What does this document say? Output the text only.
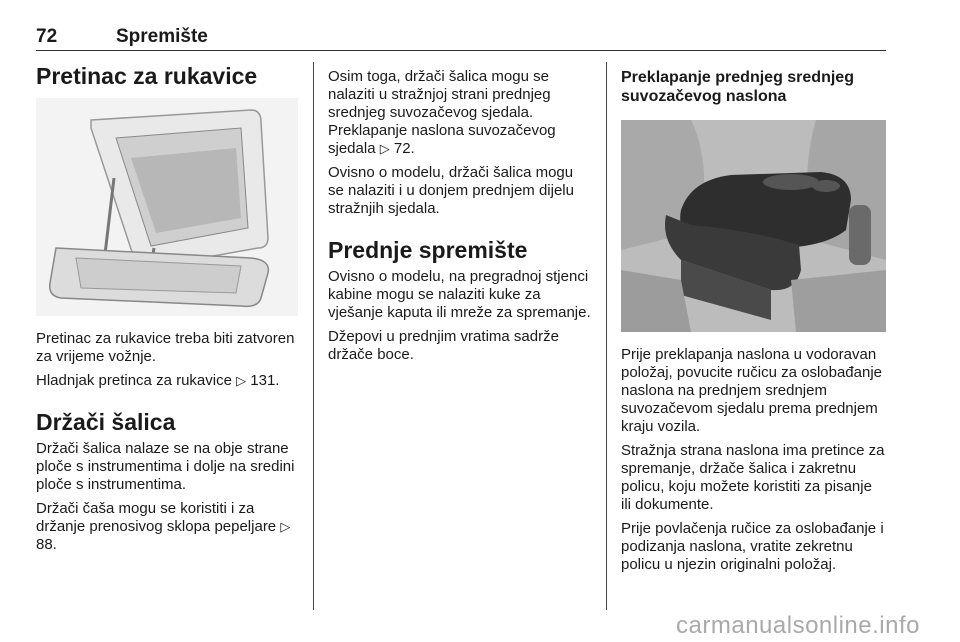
72	Spremište
Pretinac za rukavice

Pretinac za rukavice treba biti zatvoren za vrijeme vožnje.

Hladnjak pretinca za rukavice ▷ 131.

Držači šalica

Držači šalica nalaze se na obje strane ploče s instrumentima i dolje na sredini ploče s instrumentima.

Držači čaša mogu se koristiti i za držanje prenosivog sklopa pepeljare ▷ 88.

Osim toga, držači šalica mogu se nalaziti u stražnjoj strani prednjeg srednjeg suvozačevog sjedala. Preklapanje naslona suvozačevog sjedala ▷ 72.

Ovisno o modelu, držači šalica mogu se nalaziti i u donjem prednjem dijelu stražnjih sjedala.

Prednje spremište

Ovisno o modelu, na pregradnoj stjenci kabine mogu se nalaziti kuke za vješanje kaputa ili mreže za spremanje.

Džepovi u prednjim vratima sadrže držače boce.

Preklapanje prednjeg srednjeg suvozačevog naslona

Prije preklapanja naslona u vodoravan položaj, povucite ručicu za oslobađanje naslona na prednjem srednjem suvozačevom sjedalu prema prednjem kraju vozila.

Stražnja strana naslona ima pretince za spremanje, držače šalica i zakretnu policu, koju možete koristiti za pisanje ili dokumente.

Prije povlačenja ručice za oslobađanje i podizanja naslona, vratite zekretnu policu u njezin originalni položaj.

carmanualsonline.info
